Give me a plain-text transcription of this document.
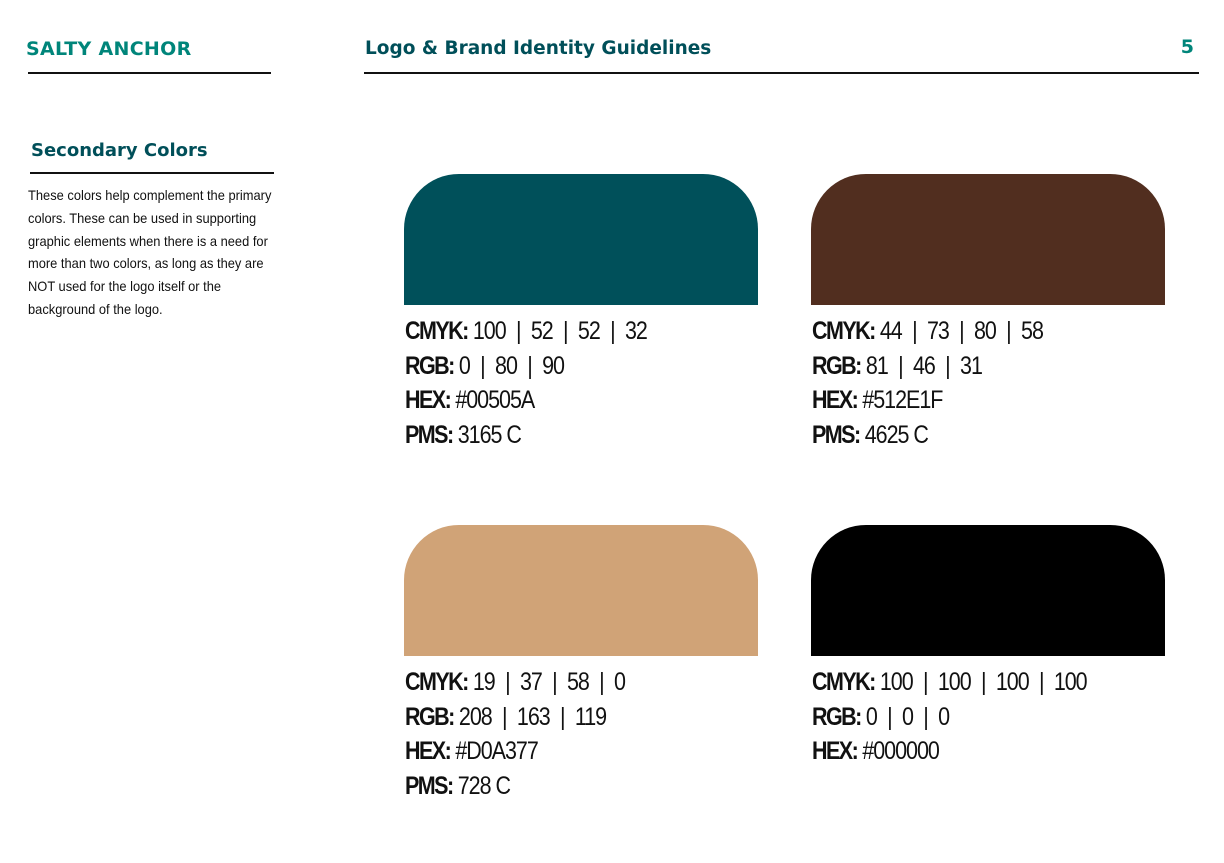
SALTY ANCHOR	Logo & Brand Identity Guidelines	5
Secondary Colors
These colors help complement the primary colors. These can be used in supporting graphic elements when there is a need for more than two colors, as long as they are NOT used for the logo itself or the background of the logo.
CMYK: 100 | 52 | 52 | 32
RGB: 0 | 80 | 90
HEX: #00505A
PMS: 3165 C
CMYK: 44 | 73 | 80 | 58
RGB: 81 | 46 | 31
HEX: #512E1F
PMS: 4625 C
CMYK: 19 | 37 | 58 | 0
RGB: 208 | 163 | 119
HEX: #D0A377
PMS: 728 C
CMYK: 100 | 100 | 100 | 100
RGB: 0 | 0 | 0
HEX: #000000
